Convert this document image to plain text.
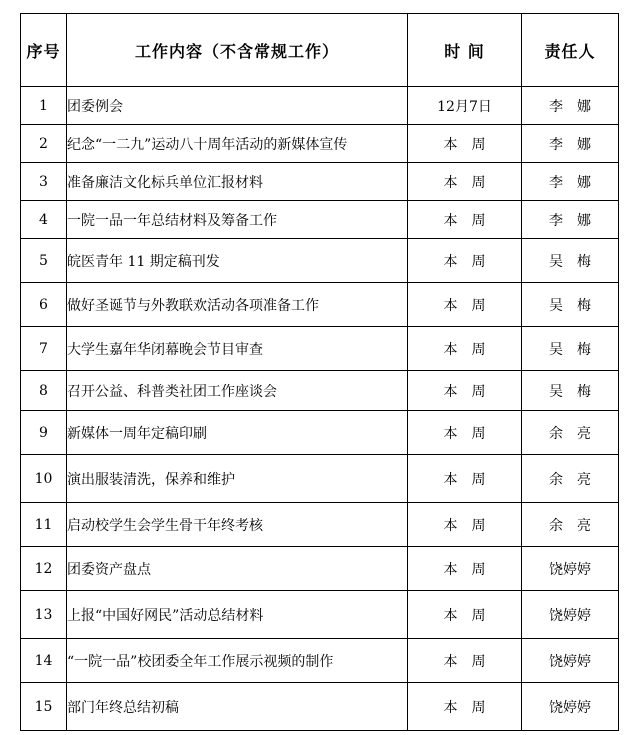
序号	工作内容（不含常规工作）	时 间	责任人
1	团委例会	12月7日	李　娜
2	纪念“一二九”运动八十周年活动的新媒体宣传	本　周	李　娜
3	准备廉洁文化标兵单位汇报材料	本　周	李　娜
4	一院一品一年总结材料及筹备工作	本　周	李　娜
5	皖医青年 11 期定稿刊发	本　周	吴　梅
6	做好圣诞节与外教联欢活动各项准备工作	本　周	吴　梅
7	大学生嘉年华闭幕晚会节目审查	本　周	吴　梅
8	召开公益、科普类社团工作座谈会	本　周	吴　梅
9	新媒体一周年定稿印刷	本　周	余　亮
10	演出服装清洗，保养和维护	本　周	余　亮
11	启动校学生会学生骨干年终考核	本　周	余　亮
12	团委资产盘点	本　周	饶婷婷
13	上报“中国好网民”活动总结材料	本　周	饶婷婷
14	“一院一品”校团委全年工作展示视频的制作	本　周	饶婷婷
15	部门年终总结初稿	本　周	饶婷婷
